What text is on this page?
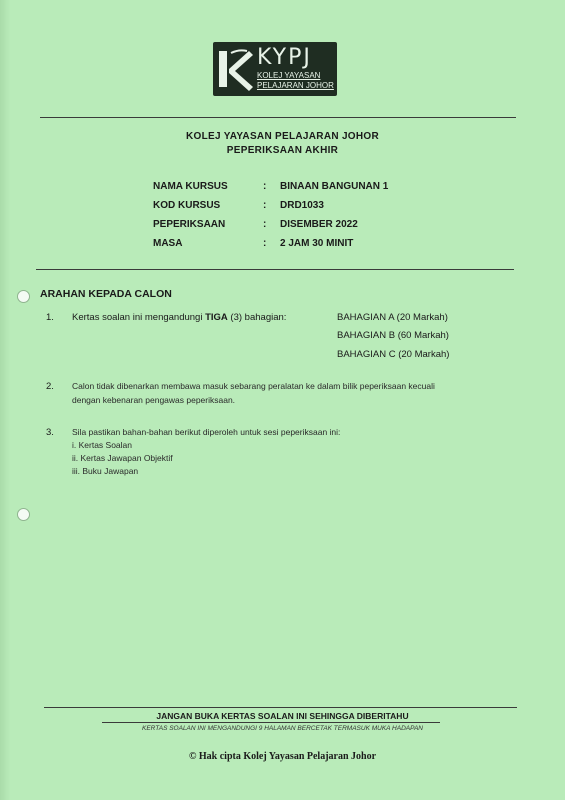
KYPJ
KOLEJ YAYASAN
PELAJARAN JOHOR
KOLEJ YAYASAN PELAJARAN JOHOR
PEPERIKSAAN AKHIR
NAMA KURSUS	: BINAAN BANGUNAN 1
KOD KURSUS	: DRD1033
PEPERIKSAAN	: DISEMBER 2022
MASA	: 2 JAM 30 MINIT
ARAHAN KEPADA CALON
1. Kertas soalan ini mengandungi TIGA (3) bahagian:	BAHAGIAN A (20 Markah)
BAHAGIAN B (60 Markah)
BAHAGIAN C (20 Markah)
2. Calon tidak dibenarkan membawa masuk sebarang peralatan ke dalam bilik peperiksaan kecuali
dengan kebenaran pengawas peperiksaan.
3. Sila pastikan bahan-bahan berikut diperoleh untuk sesi peperiksaan ini:
i. Kertas Soalan
ii. Kertas Jawapan Objektif
iii. Buku Jawapan
JANGAN BUKA KERTAS SOALAN INI SEHINGGA DIBERITAHU
KERTAS SOALAN INI MENGANDUNGI 9 HALAMAN BERCETAK TERMASUK MUKA HADAPAN
© Hak cipta Kolej Yayasan Pelajaran Johor
